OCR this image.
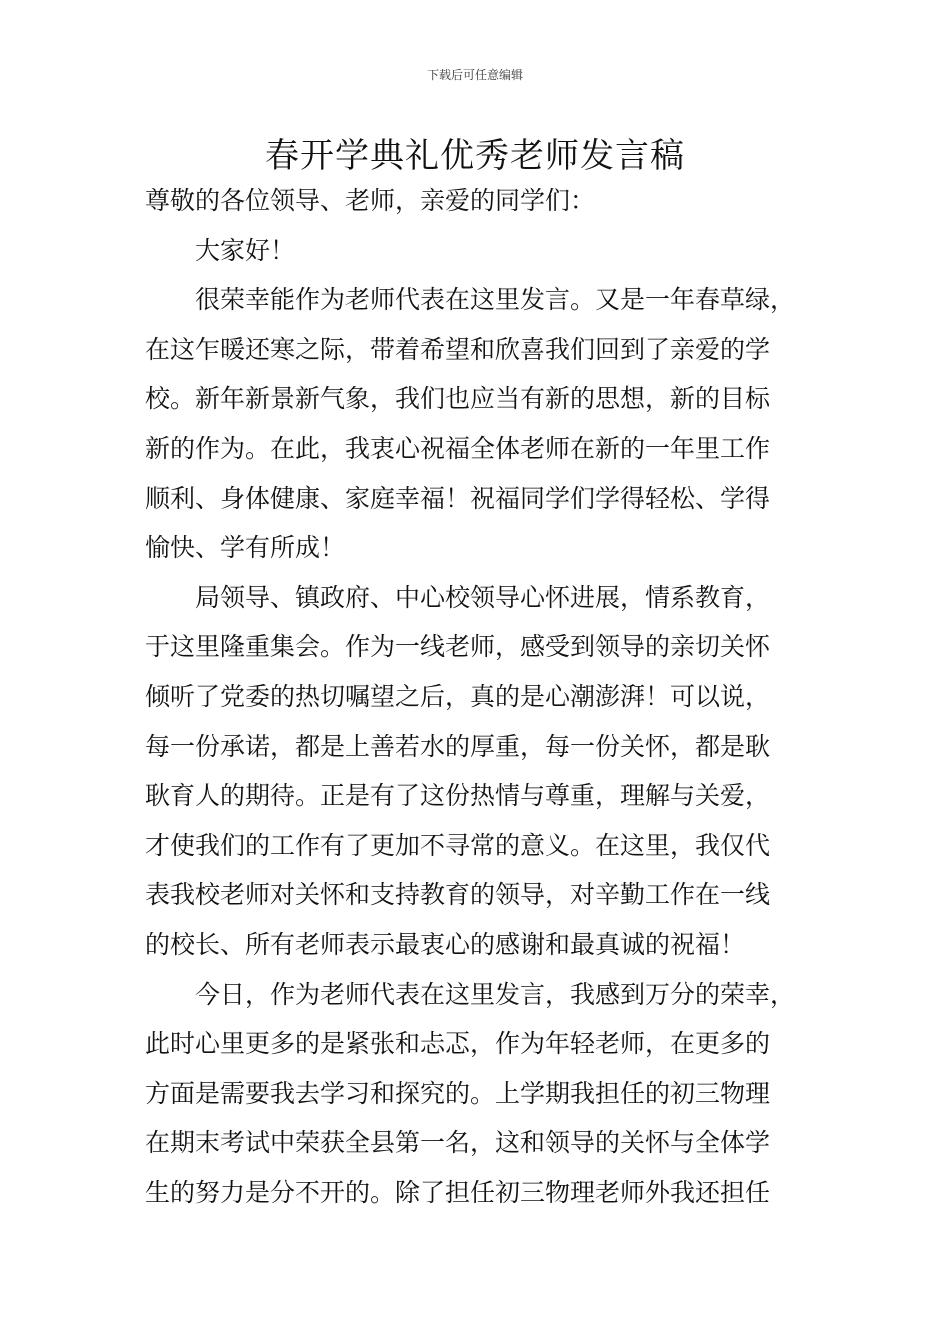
下载后可任意编辑
春开学典礼优秀老师发言稿
尊敬的各位领导、老师，亲爱的同学们：
大家好！
很荣幸能作为老师代表在这里发言。又是一年春草绿，
在这乍暖还寒之际，带着希望和欣喜我们回到了亲爱的学
校。新年新景新气象，我们也应当有新的思想，新的目标
新的作为。在此，我衷心祝福全体老师在新的一年里工作
顺利、身体健康、家庭幸福！祝福同学们学得轻松、学得
愉快、学有所成！
局领导、镇政府、中心校领导心怀进展，情系教育，
于这里隆重集会。作为一线老师，感受到领导的亲切关怀
倾听了党委的热切嘱望之后，真的是心潮澎湃！可以说，
每一份承诺，都是上善若水的厚重，每一份关怀，都是耿
耿育人的期待。正是有了这份热情与尊重，理解与关爱，
才使我们的工作有了更加不寻常的意义。在这里，我仅代
表我校老师对关怀和支持教育的领导，对辛勤工作在一线
的校长、所有老师表示最衷心的感谢和最真诚的祝福！
今日，作为老师代表在这里发言，我感到万分的荣幸，
此时心里更多的是紧张和忐忑，作为年轻老师，在更多的
方面是需要我去学习和探究的。上学期我担任的初三物理
在期末考试中荣获全县第一名，这和领导的关怀与全体学
生的努力是分不开的。除了担任初三物理老师外我还担任
